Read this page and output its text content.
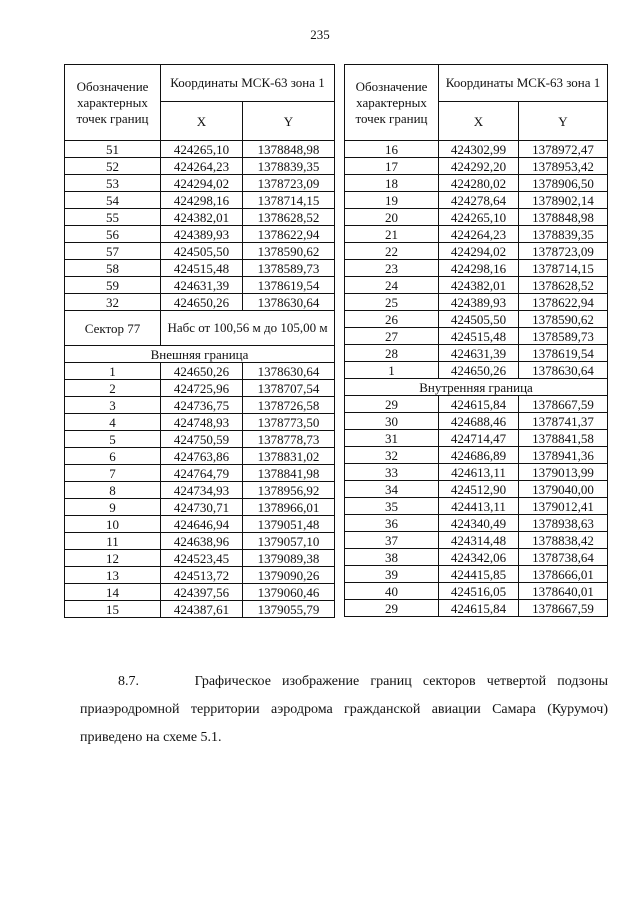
235
Обозначение характерных точек границ	Координаты МСК-63 зона 1	
	X	Y
51	424265,10	1378848,98
52	424264,23	1378839,35
53	424294,02	1378723,09
54	424298,16	1378714,15
55	424382,01	1378628,52
56	424389,93	1378622,94
57	424505,50	1378590,62
58	424515,48	1378589,73
59	424631,39	1378619,54
32	424650,26	1378630,64
Сектор 77	Набс от 100,56 м до 105,00 м	
Внешняя граница		
1	424650,26	1378630,64
2	424725,96	1378707,54
3	424736,75	1378726,58
4	424748,93	1378773,50
5	424750,59	1378778,73
6	424763,86	1378831,02
7	424764,79	1378841,98
8	424734,93	1378956,92
9	424730,71	1378966,01
10	424646,94	1379051,48
11	424638,96	1379057,10
12	424523,45	1379089,38
13	424513,72	1379090,26
14	424397,56	1379060,46
15	424387,61	1379055,79
Обозначение характерных точек границ	Координаты МСК-63 зона 1	
	X	Y
16	424302,99	1378972,47
17	424292,20	1378953,42
18	424280,02	1378906,50
19	424278,64	1378902,14
20	424265,10	1378848,98
21	424264,23	1378839,35
22	424294,02	1378723,09
23	424298,16	1378714,15
24	424382,01	1378628,52
25	424389,93	1378622,94
26	424505,50	1378590,62
27	424515,48	1378589,73
28	424631,39	1378619,54
1	424650,26	1378630,64
Внутренняя граница		
29	424615,84	1378667,59
30	424688,46	1378741,37
31	424714,47	1378841,58
32	424686,89	1378941,36
33	424613,11	1379013,99
34	424512,90	1379040,00
35	424413,11	1379012,41
36	424340,49	1378938,63
37	424314,48	1378838,42
38	424342,06	1378738,64
39	424415,85	1378666,01
40	424516,05	1378640,01
29	424615,84	1378667,59
8.7.	Графическое изображение границ секторов четвертой подзоны приаэродромной территории аэродрома гражданской авиации Самара (Курумоч) приведено на схеме 5.1.
